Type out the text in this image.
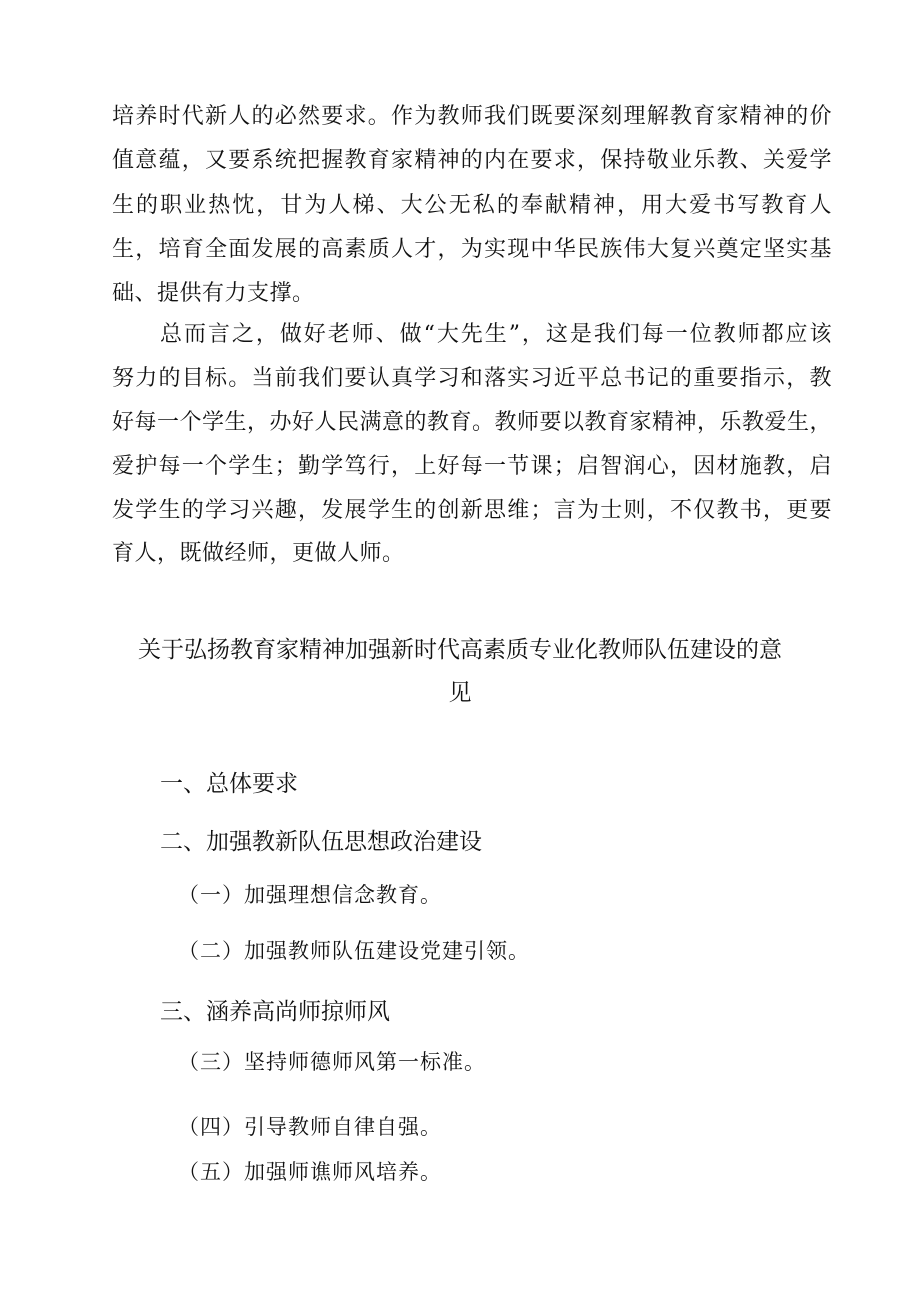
培养时代新人的必然要求。作为教师我们既要深刻理解教育家精神的价
值意蕴，又要系统把握教育家精神的内在要求，保持敬业乐教、关爱学
生的职业热忱，甘为人梯、大公无私的奉献精神，用大爱书写教育人
生，培育全面发展的高素质人才，为实现中华民族伟大复兴奠定坚实基
础、提供有力支撑。
总而言之，做好老师、做“大先生”，这是我们每一位教师都应该
努力的目标。当前我们要认真学习和落实习近平总书记的重要指示，教
好每一个学生，办好人民满意的教育。教师要以教育家精神，乐教爱生，
爱护每一个学生；勤学笃行，上好每一节课；启智润心，因材施教，启
发学生的学习兴趣，发展学生的创新思维；言为士则，不仅教书，更要
育人，既做经师，更做人师。
关于弘扬教育家精神加强新时代高素质专业化教师队伍建设的意
见
一、总体要求
二、加强教新队伍思想政治建设
（一）加强理想信念教育。
（二）加强教师队伍建设党建引领。
三、涵养高尚师掠师风
（三）坚持师德师风第一标准。
（四）引导教师自律自强。
（五）加强师谯师风培养。
